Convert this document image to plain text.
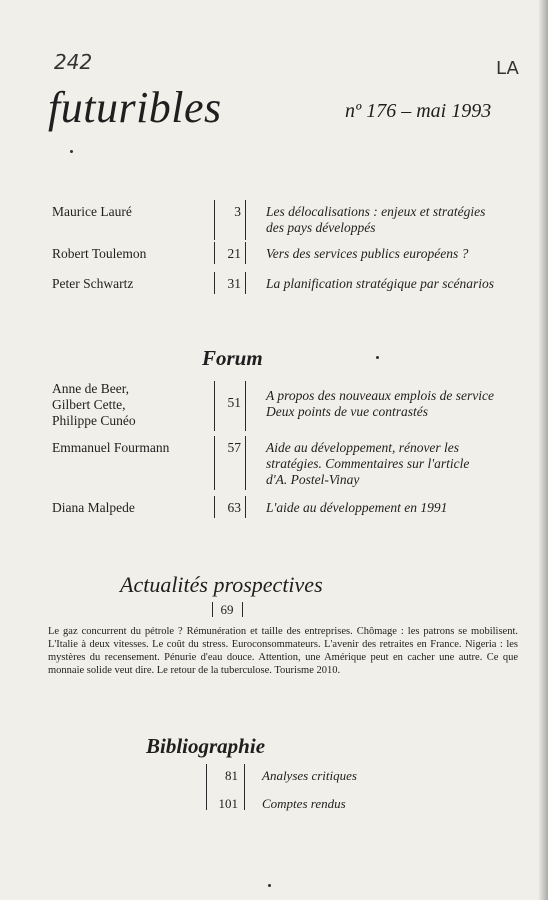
242	LA
futuribles	nº 176 – mai 1993
Maurice Lauré	3 Les délocalisations : enjeux et stratégies
des pays développés
Robert Toulemon	21 Vers des services publics européens ?
Peter Schwartz	31 La planification stratégique par scénarios
Forum
Anne de Beer,
Gilbert Cette,
Philippe Cunéo
51 A propos des nouveaux emplois de service
Deux points de vue contrastés
Emmanuel Fourmann	57 Aide au développement, rénover les
stratégies. Commentaires sur l'article
d'A. Postel-Vinay
Diana Malpede	63 L'aide au développement en 1991
Actualités prospectives
69
Le gaz concurrent du pétrole ? Rémunération et taille des entreprises. Chômage : les patrons se mobilisent. L'Italie à deux vitesses. Le coût du stress. Euroconsommateurs. L'avenir des retraites en France. Nigeria : les mystères du recensement. Pénurie d'eau douce. Attention, une Amérique peut en cacher une autre. Ce que monnaie solide veut dire. Le retour de la tuberculose. Tourisme 2010.
Bibliographie
81 Analyses critiques
101 Comptes rendus
